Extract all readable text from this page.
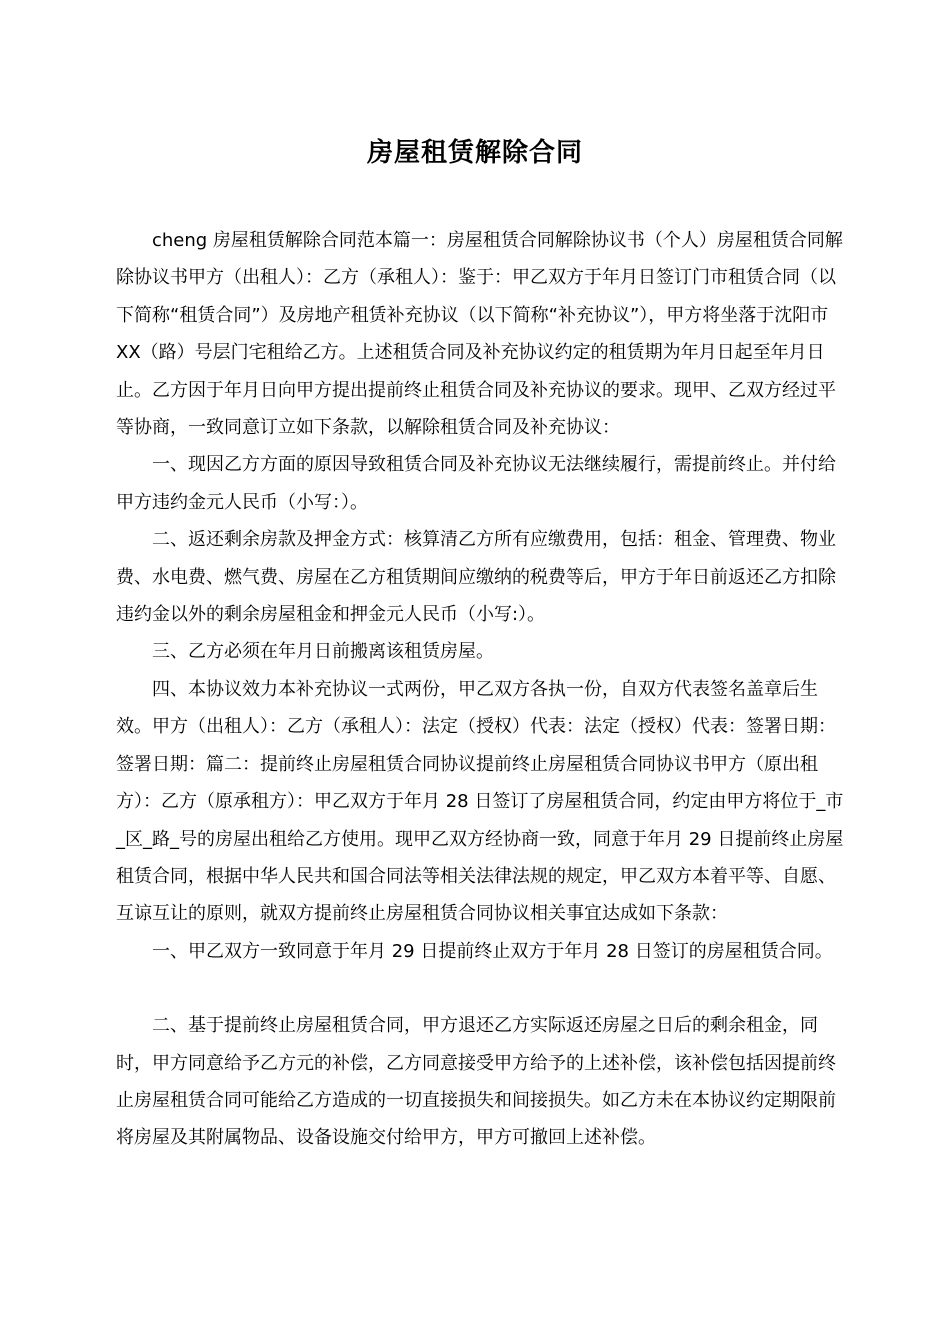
房屋租赁解除合同

cheng 房屋租赁解除合同范本篇一：房屋租赁合同解除协议书（个人）房屋租赁合同解除协议书甲方（出租人）：乙方（承租人）：鉴于：甲乙双方于年月日签订门市租赁合同（以下简称“租赁合同”）及房地产租赁补充协议（以下简称“补充协议”），甲方将坐落于沈阳市 XX（路）号层门宅租给乙方。上述租赁合同及补充协议约定的租赁期为年月日起至年月日止。乙方因于年月日向甲方提出提前终止租赁合同及补充协议的要求。现甲、乙双方经过平等协商，一致同意订立如下条款，以解除租赁合同及补充协议：

一、现因乙方方面的原因导致租赁合同及补充协议无法继续履行，需提前终止。并付给甲方违约金元人民币（小写：）。

二、返还剩余房款及押金方式：核算清乙方所有应缴费用，包括：租金、管理费、物业费、水电费、燃气费、房屋在乙方租赁期间应缴纳的税费等后，甲方于年日前返还乙方扣除违约金以外的剩余房屋租金和押金元人民币（小写:）。

三、乙方必须在年月日前搬离该租赁房屋。

四、本协议效力本补充协议一式两份，甲乙双方各执一份，自双方代表签名盖章后生效。甲方（出租人）：乙方（承租人）：法定（授权）代表：法定（授权）代表：签署日期：签署日期：篇二：提前终止房屋租赁合同协议提前终止房屋租赁合同协议书甲方（原出租方）：乙方（原承租方）：甲乙双方于年月 28 日签订了房屋租赁合同，约定由甲方将位于_市_区_路_号的房屋出租给乙方使用。现甲乙双方经协商一致，同意于年月 29 日提前终止房屋租赁合同，根据中华人民共和国合同法等相关法律法规的规定，甲乙双方本着平等、自愿、互谅互让的原则，就双方提前终止房屋租赁合同协议相关事宜达成如下条款：

一、甲乙双方一致同意于年月 29 日提前终止双方于年月 28 日签订的房屋租赁合同。

二、基于提前终止房屋租赁合同，甲方退还乙方实际返还房屋之日后的剩余租金，同时，甲方同意给予乙方元的补偿，乙方同意接受甲方给予的上述补偿，该补偿包括因提前终止房屋租赁合同可能给乙方造成的一切直接损失和间接损失。如乙方未在本协议约定期限前将房屋及其附属物品、设备设施交付给甲方，甲方可撤回上述补偿。
